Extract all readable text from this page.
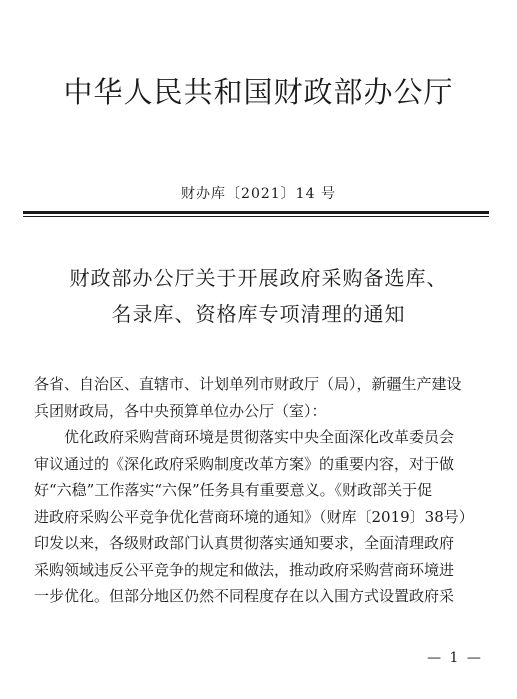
中华人民共和国财政部办公厅
财办库〔2021〕14 号
财政部办公厅关于开展政府采购备选库、
名录库、资格库专项清理的通知
各省、自治区、直辖市、计划单列市财政厅（局），新疆生产建设
兵团财政局，各中央预算单位办公厅（室）：
优化政府采购营商环境是贯彻落实中央全面深化改革委员会
审议通过的《深化政府采购制度改革方案》的重要内容，对于做
好“六稳”工作落实“六保”任务具有重要意义。《财政部关于促
进政府采购公平竞争优化营商环境的通知》（财库〔2019〕38号）
印发以来，各级财政部门认真贯彻落实通知要求，全面清理政府
采购领域违反公平竞争的规定和做法，推动政府采购营商环境进
一步优化。但部分地区仍然不同程度存在以入围方式设置政府采
— 1 —
